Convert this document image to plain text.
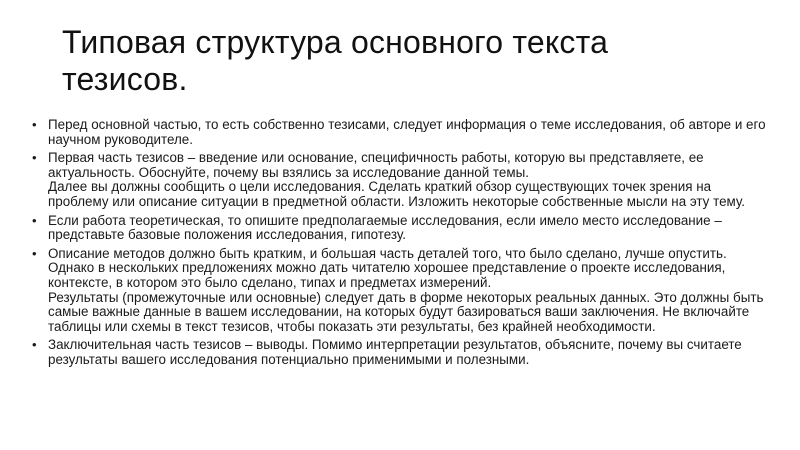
Типовая структура основного текста тезисов.
• Перед основной частью, то есть собственно тезисами, следует информация о теме исследования, об авторе и его научном руководителе.
• Первая часть тезисов – введение или основание, специфичность работы, которую вы представляете, ее актуальность. Обоснуйте, почему вы взялись за исследование данной темы.
Далее вы должны сообщить о цели исследования. Сделать краткий обзор существующих точек зрения на проблему или описание ситуации в предметной области. Изложить некоторые собственные мысли на эту тему.
• Если работа теоретическая, то опишите предполагаемые исследования, если имело место исследование – представьте базовые положения исследования, гипотезу.
• Описание методов должно быть кратким, и большая часть деталей того, что было сделано, лучше опустить. Однако в нескольких предложениях можно дать читателю хорошее представление о проекте исследования, контексте, в котором это было сделано, типах и предметах измерений.
Результаты (промежуточные или основные) следует дать в форме некоторых реальных данных. Это должны быть самые важные данные в вашем исследовании, на которых будут базироваться ваши заключения. Не включайте таблицы или схемы в текст тезисов, чтобы показать эти результаты, без крайней необходимости.
• Заключительная часть тезисов – выводы. Помимо интерпретации результатов, объясните, почему вы считаете результаты вашего исследования потенциально применимыми и полезными.
